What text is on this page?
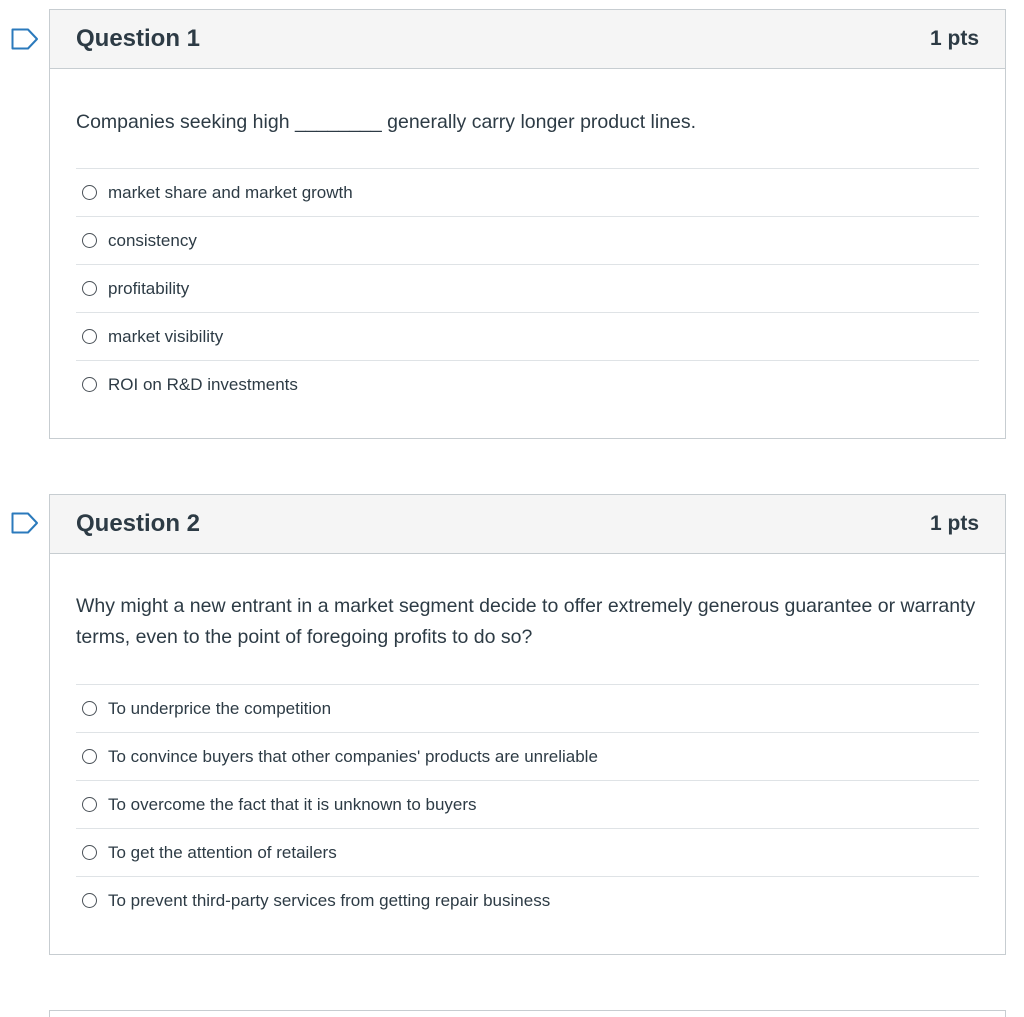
Question 1	1 pts

Companies seeking high ________ generally carry longer product lines.

market share and market growth
consistency
profitability
market visibility
ROI on R&D investments
Question 2	1 pts

Why might a new entrant in a market segment decide to offer extremely generous guarantee or warranty terms, even to the point of foregoing profits to do so?

To underprice the competition
To convince buyers that other companies' products are unreliable
To overcome the fact that it is unknown to buyers
To get the attention of retailers
To prevent third-party services from getting repair business
